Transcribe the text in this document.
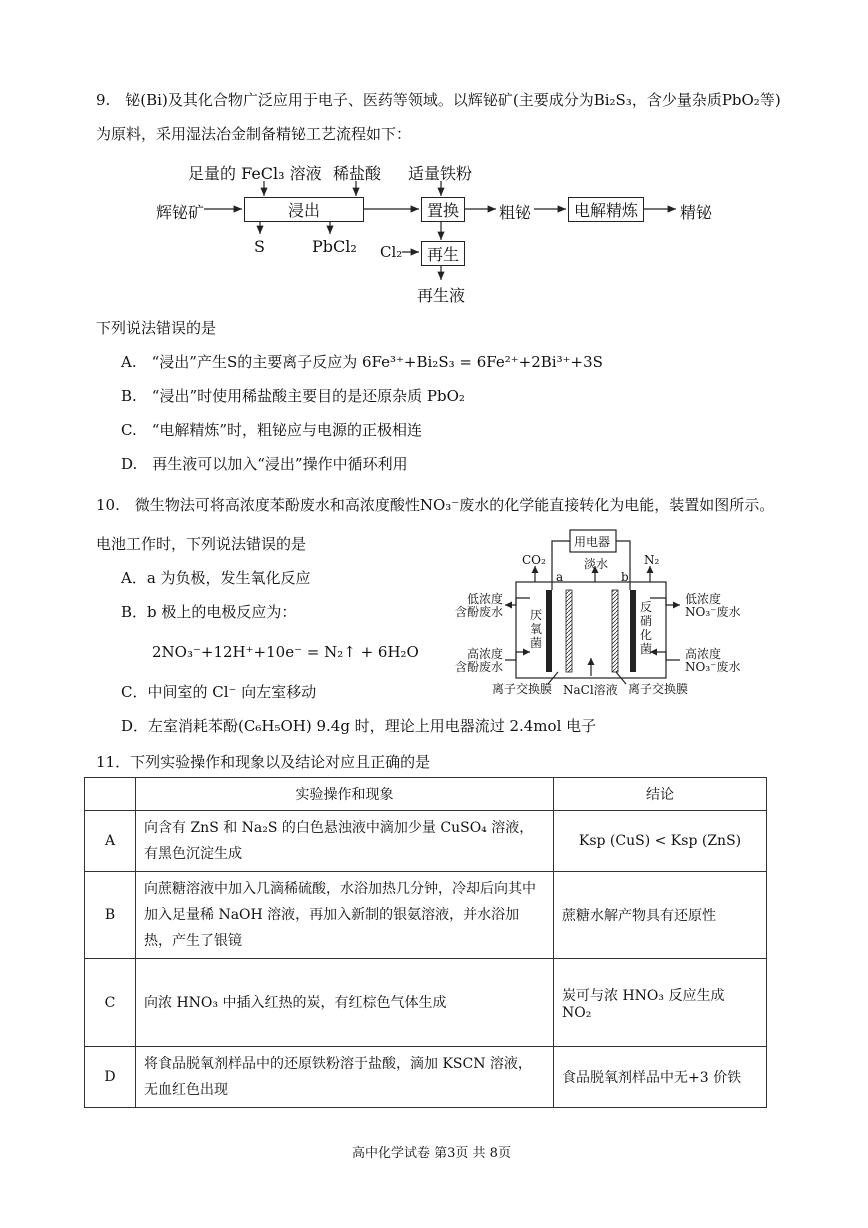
9.　铋(Bi)及其化合物广泛应用于电子、医药等领域。以辉铋矿(主要成分为Bi₂S₃，含少量杂质PbO₂等)
为原料，采用湿法冶金制备精铋工艺流程如下：
足量的 FeCl₃ 溶液 稀盐酸 适量铁粉
辉铋矿	浸出	置换	粗铋	电解精炼	精铋
S	PbCl₂ Cl₂	再生
再生液
下列说法错误的是
A.　“浸出”产生S的主要离子反应为 6Fe³⁺+Bi₂S₃ = 6Fe²⁺+2Bi³⁺+3S
B.　“浸出”时使用稀盐酸主要目的是还原杂质 PbO₂
C.　“电解精炼”时，粗铋应与电源的正极相连
D.　再生液可以加入“浸出”操作中循环利用
10.　微生物法可将高浓度苯酚废水和高浓度酸性NO₃⁻废水的化学能直接转化为电能，装置如图所示。
电池工作时，下列说法错误的是
A．a 为负极，发生氧化反应
B．b 极上的电极反应为：
2NO₃⁻+12H⁺+10e⁻ = N₂↑ + 6H₂O
C．中间室的 Cl⁻ 向左室移动
D．左室消耗苯酚(C₆H₅OH) 9.4g 时，理论上用电器流过 2.4mol 电子
用电器
CO₂
a
淡水
b
N₂
低浓度
含酚废水
高浓度
含酚废水
低浓度
NO₃⁻废水
高浓度
NO₃⁻废水
厌氧菌
反硝化菌
离子交换膜 NaCl溶液 离子交换膜
11．下列实验操作和现象以及结论对应且正确的是
	实验操作和现象	结论
A	向含有 ZnS 和 Na₂S 的白色悬浊液中滴加少量 CuSO₄ 溶液，有黑色沉淀生成	Ksp (CuS) < Ksp (ZnS)
B	向蔗糖溶液中加入几滴稀硫酸，水浴加热几分钟，冷却后向其中加入足量稀 NaOH 溶液，再加入新制的银氨溶液，并水浴加热，产生了银镜	蔗糖水解产物具有还原性
C	向浓 HNO₃ 中插入红热的炭，有红棕色气体生成	炭可与浓 HNO₃ 反应生成 NO₂
D	将食品脱氧剂样品中的还原铁粉溶于盐酸，滴加 KSCN 溶液，无血红色出现	食品脱氧剂样品中无+3 价铁
高中化学试卷 第3页 共 8页
